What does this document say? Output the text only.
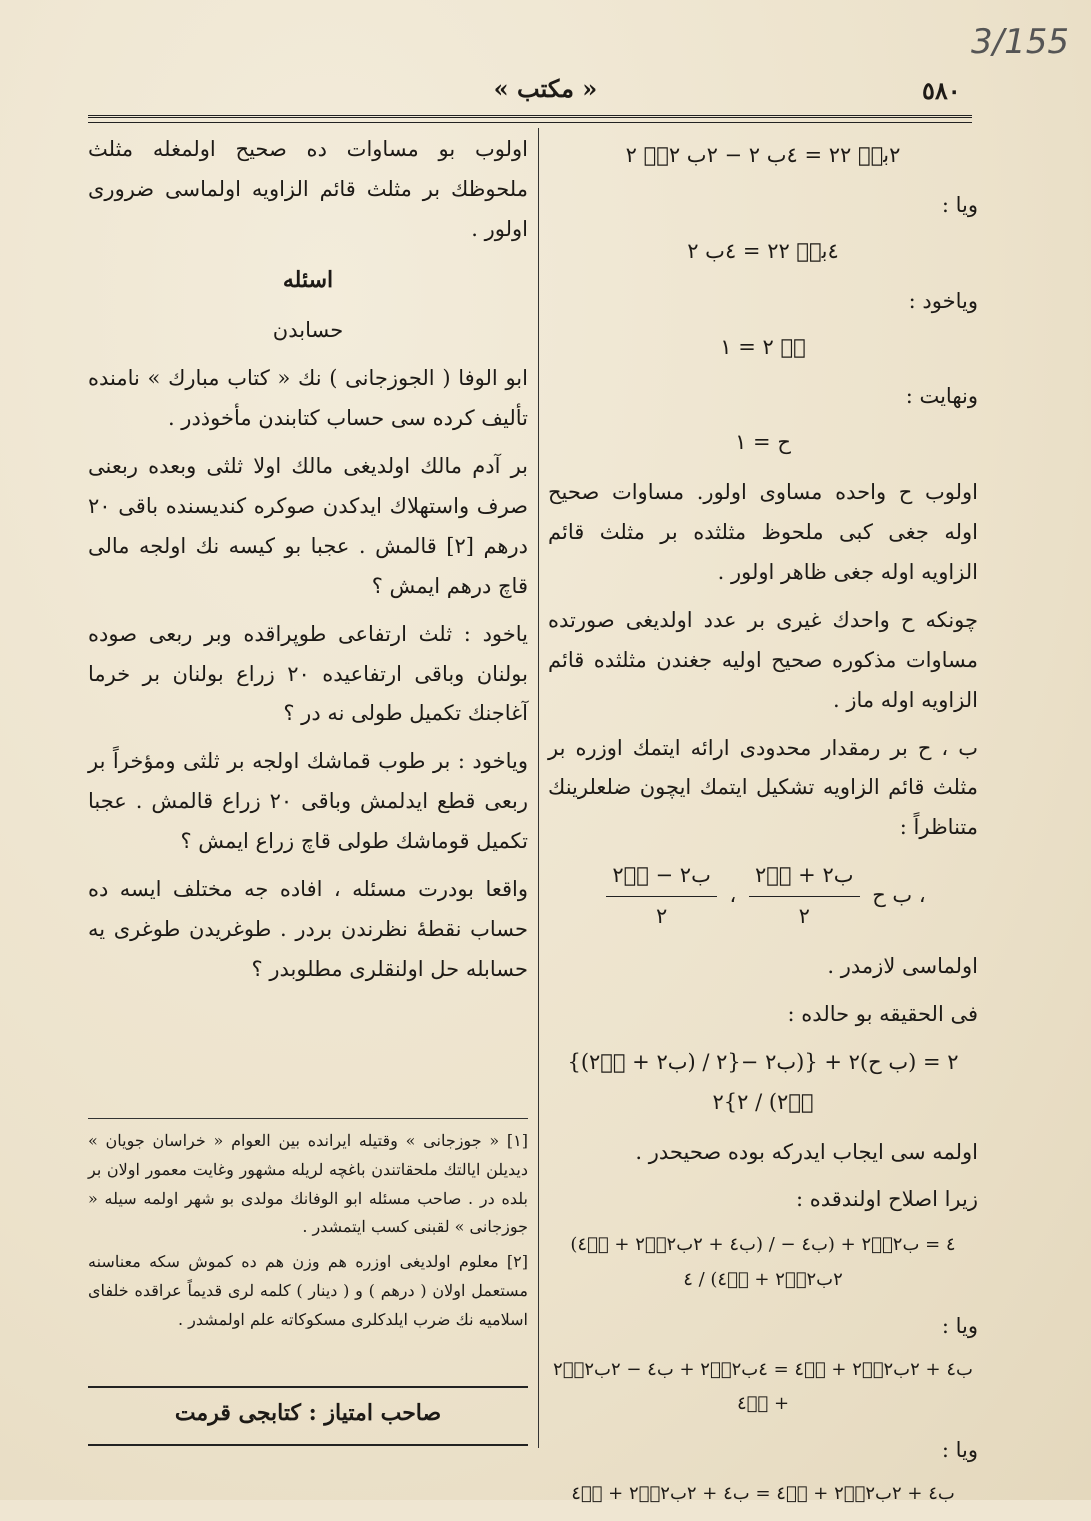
3/155
« مکتب »	٥٨٠
٢بحٖ ٢٢ = ٤ب ٢ − ٢ب ٢حٖ ٢
ويا :
٤بحٖ ٢٢ = ٤ب ٢
وياخود :
حٖ ٢ = ١
ونهايت :
ح = ١

اولوب ح واحده مساوی اولور. مساوات صحيح اوله جغى كبی ملحوظ مثلثده بر مثلث قائم الزاويه اوله جغى ظاهر اولور .

چونكه ح واحدك غيری بر عدد اولديغى صورتده مساوات مذكوره صحيح اوليه جغندن مثلثده قائم الزاويه اوله ماز .

ب ، ح بر رمقدار محدودی ارائه ايتمك اوزره بر مثلث قائم الزاويه تشكيل ايتمك ايچون ضلعلرينك متناظراً :

$\frac{\text{ب٢ − حٖ٢}}{٢}$ ، $\frac{\text{ب٢ + حٖ٢}}{٢}$ ب ح ،

اولماسی لازمدر .

فی الحقيقه بو حالده :

{(ب٢ + حٖ٢) / ٢}٢ = (ب ح)٢ + {(ب٢ − حٖ٢) / ٢}٢

اولمه سی ايجاب ايدركه بوده صحيحدر .

زيرا اصلاح اولندقده :

(ب٤ + ٢ب٢حٖ٢ + حٖ٤) / ٤ = ب٢حٖ٢ + (ب٤ − ٢ب٢حٖ٢ + حٖ٤) / ٤
ويا :
ب٤ + ٢ب٢حٖ٢ + حٖ٤ = ٤ب٢حٖ٢ + ب٤ − ٢ب٢حٖ٢ + حٖ٤
ويا :
ب٤ + ٢ب٢حٖ٢ + حٖ٤ = ب٤ + ٢ب٢حٖ٢ + حٖ٤

اولوب بو مساوات ده صحيح اولمغله مثلث ملحوظك بر مثلث قائم الزاويه اولماسی ضروری اولور .

اسئله
حسابدن

ابو الوفا ( الجوزجانی ) نك « كتاب مبارك » نامنده تأليف كرده سی حساب كتابندن مأخوذدر .

بر آدم مالك اولديغى مالك اولا ثلثى وبعده ربعنى صرف واستهلاك ايدكدن صوكره كنديسنده باقی ٢٠ درهم [٢] قالمش . عجبا بو كيسه نك اولجه مالی قاچ درهم ايمش ؟

ياخود : ثلث ارتفاعی طوپراقده وبر ربعی صوده بولنان وباقی ارتفاعیده ٢٠ زراع بولنان بر خرما آغاجنك تكميل طولی نه در ؟

وياخود : بر طوب قماشك اولجه بر ثلثی ومؤخراً بر ربعی قطع ايدلمش وباقی ٢٠ زراع قالمش . عجبا تكميل قوماشك طولی قاچ زراع ايمش ؟

واقعا بودرت مسئله ، افاده جه مختلف ايسه ده حساب نقطۀ نظرندن بردر . طوغريدن طوغری يه حسابله حل اولنقلری مطلوبدر ؟

[١] « جوزجانی » وقتيله ايرانده بين العوام « خراسان جويان » ديديلن ايالتك ملحقاتندن باغچه لريله مشهور وغايت معمور اولان بر بلده در . صاحب مسئله ابو الوفانك مولدی بو شهر اولمه سيله « جوزجانی » لقبنی كسب ايتمشدر .

[٢] معلوم اولديغى اوزره هم وزن هم ده كموش سكه معناسنه مستعمل اولان ( درهم ) و ( دينار ) كلمه لری قديماً عراقده خلفای اسلاميه نك ضرب ايلدكلری مسكوكاته علم اولمشدر .

صاحب امتياز : كتابجی قرمت
